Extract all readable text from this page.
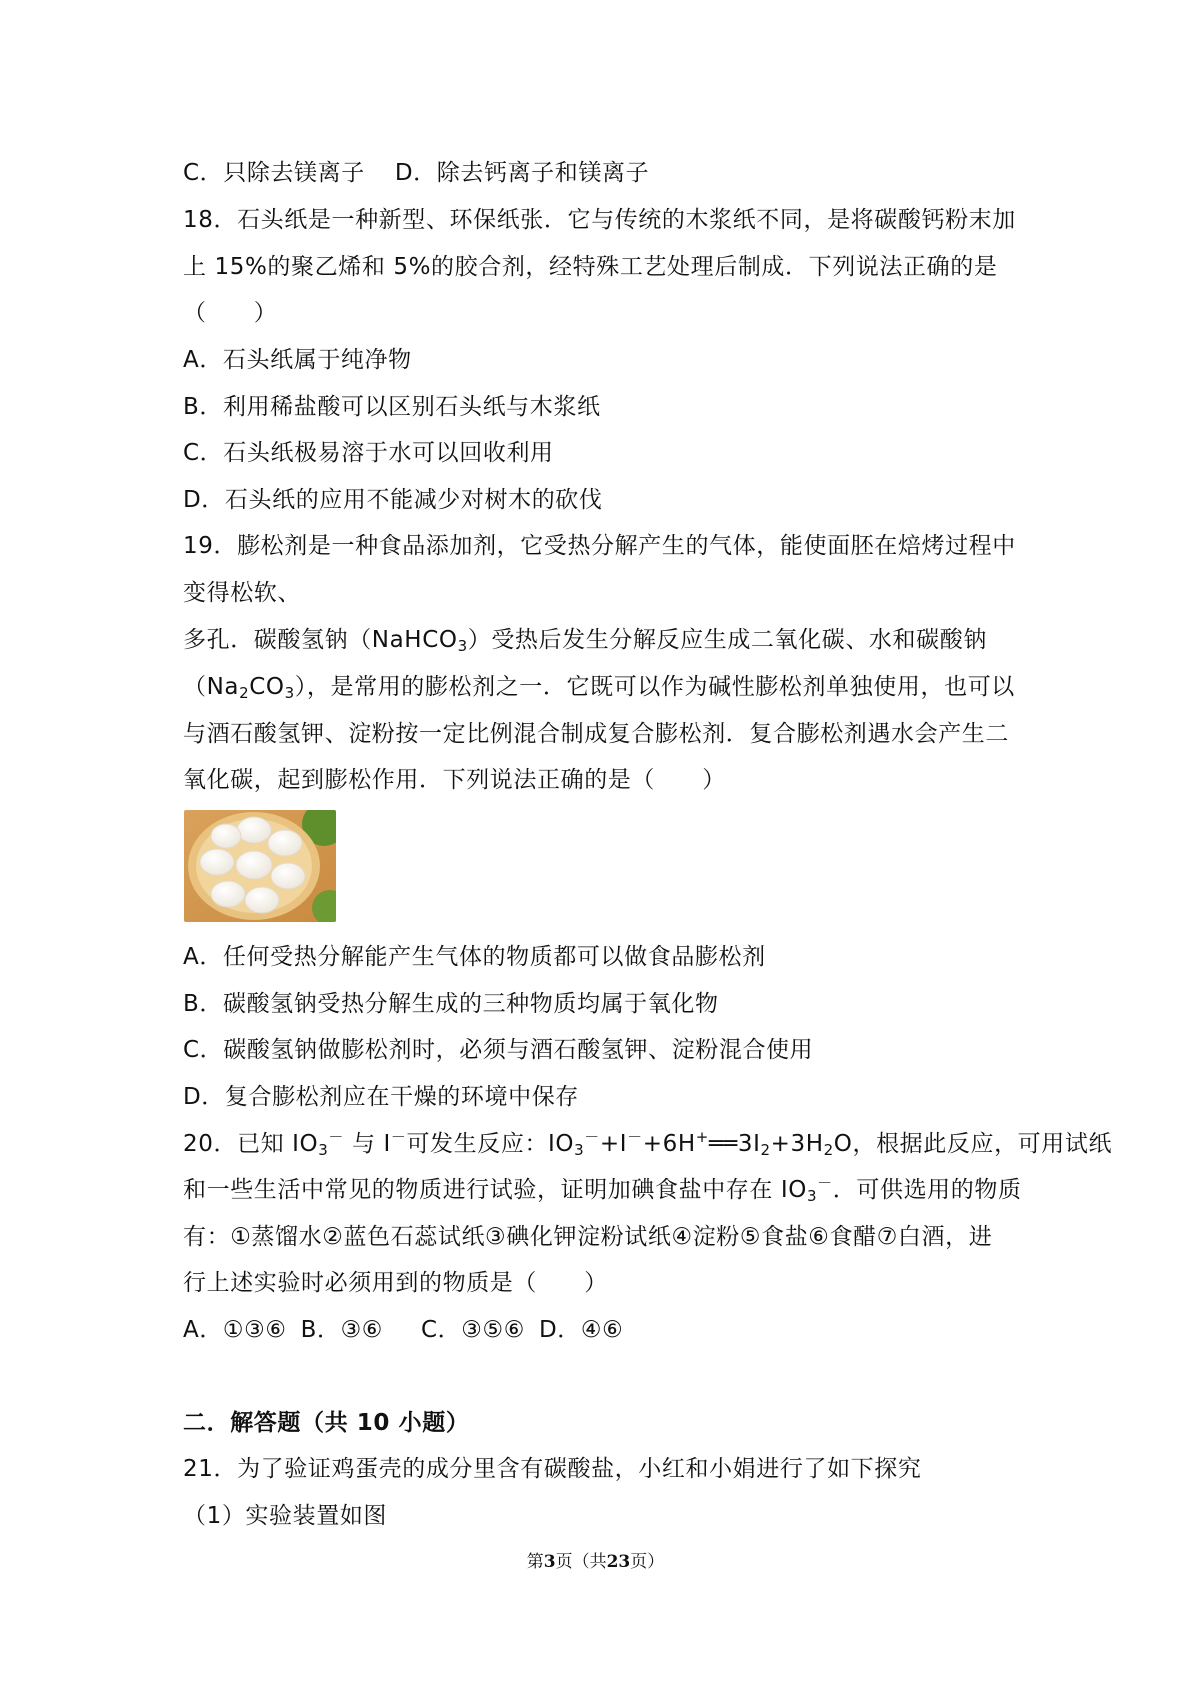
C．只除去镁离子 D．除去钙离子和镁离子
18．石头纸是一种新型、环保纸张．它与传统的木浆纸不同，是将碳酸钙粉末加
上 15%的聚乙烯和 5%的胶合剂，经特殊工艺处理后制成．下列说法正确的是
（　　）
A．石头纸属于纯净物
B．利用稀盐酸可以区别石头纸与木浆纸
C．石头纸极易溶于水可以回收利用
D．石头纸的应用不能减少对树木的砍伐
19．膨松剂是一种食品添加剂，它受热分解产生的气体，能使面胚在焙烤过程中
变得松软、
多孔．碳酸氢钠（NaHCO$_3$）受热后发生分解反应生成二氧化碳、水和碳酸钠
$(Na_2CO_3)$，是常用的膨松剂之一．它既可以作为碱性膨松剂单独使用，也可以
与酒石酸氢钾、淀粉按一定比例混合制成复合膨松剂．复合膨松剂遇水会产生二
氧化碳，起到膨松作用．下列说法正确的是（　　）
A．任何受热分解能产生气体的物质都可以做食品膨松剂
B．碳酸氢钠受热分解生成的三种物质均属于氧化物
C．碳酸氢钠做膨松剂时，必须与酒石酸氢钾、淀粉混合使用
D．复合膨松剂应在干燥的环境中保存
20．已知 $IO_3^-$ 与 I－可发生反应：$IO_3^-+I^-+6H^+══3I_2+3H_2O$，根据此反应，可用试纸
和一些生活中常见的物质进行试验，证明加碘食盐中存在 $IO_3^-$．可供选用的物质
有：①蒸馏水②蓝色石蕊试纸③碘化钾淀粉试纸④淀粉⑤食盐⑥食醋⑦白酒，进
行上述实验时必须用到的物质是（　　）
A．①③⑥ B．③⑥ C．③⑤⑥ D．④⑥
二．解答题（共 10 小题）
21．为了验证鸡蛋壳的成分里含有碳酸盐，小红和小娟进行了如下探究
（1）实验装置如图
第3页（共23页）
